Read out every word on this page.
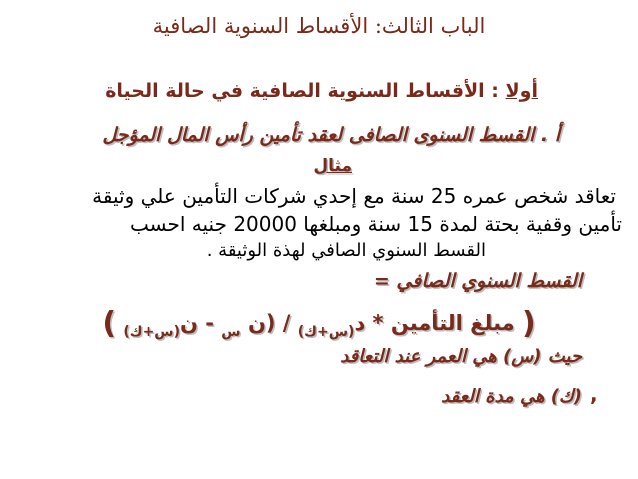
الباب الثالث: الأقساط السنوية الصافية
أولا : الأقساط السنوية الصافية في حالة الحياة
أ . القسط السنوى الصافى لعقد تأمين رأس المال المؤجل
مثال
تعاقد شخص عمره 25 سنة مع إحدي شركات التأمين علي وثيقة
تأمين وقفية بحتة لمدة 15 سنة ومبلغها 20000 جنيه احسب
القسط السنوي الصافي لهذة الوثيقة .
القسط السنوي الصافي =
( مبلغ التأمين * د$_{(س+ك)}$ / (ن $_س$ - ن$_{(س+ك)}$ )
حيث (س) هي العمر عند التعاقد
(ك) هي مدة العقد ,
